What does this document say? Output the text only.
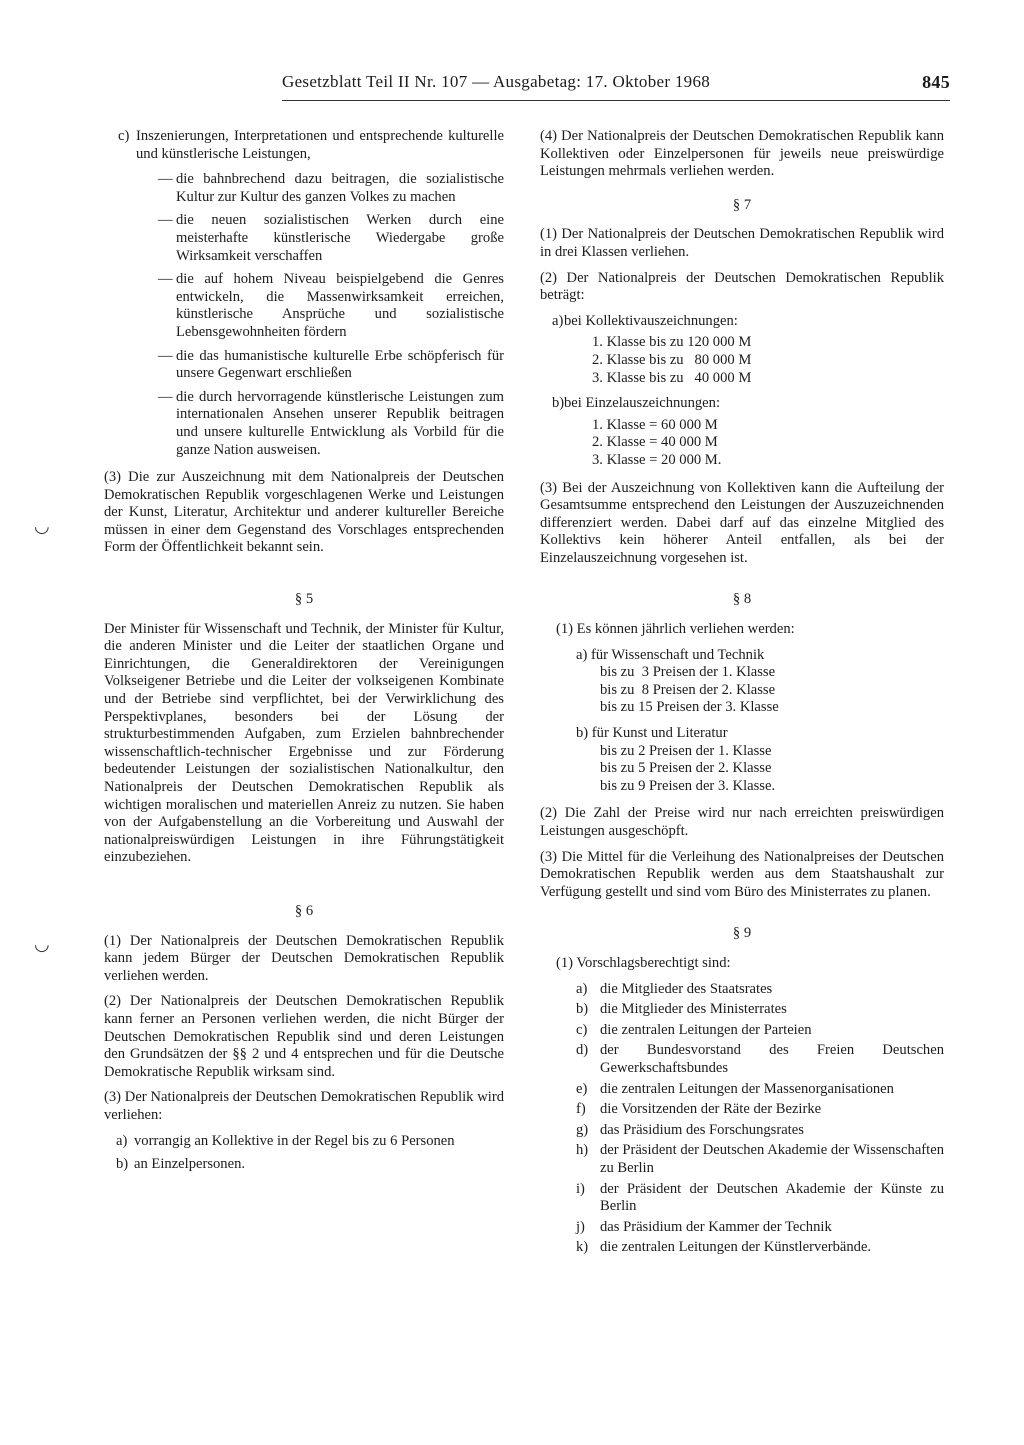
Gesetzblatt Teil II Nr. 107 — Ausgabetag: 17. Oktober 1968	845
◡
◡
c) Inszenierungen, Interpretationen und entsprechende kulturelle und künstlerische Leistungen,
— die bahnbrechend dazu beitragen, die sozialistische Kultur zur Kultur des ganzen Volkes zu machen
— die neuen sozialistischen Werken durch eine meisterhafte künstlerische Wiedergabe große Wirksamkeit verschaffen
— die auf hohem Niveau beispielgebend die Genres entwickeln, die Massenwirksamkeit erreichen, künstlerische Ansprüche und sozialistische Lebensgewohnheiten fördern
— die das humanistische kulturelle Erbe schöpferisch für unsere Gegenwart erschließen
— die durch hervorragende künstlerische Leistungen zum internationalen Ansehen unserer Republik beitragen und unsere kulturelle Entwicklung als Vorbild für die ganze Nation ausweisen.

(3) Die zur Auszeichnung mit dem Nationalpreis der Deutschen Demokratischen Republik vorgeschlagenen Werke und Leistungen der Kunst, Literatur, Architektur und anderer kultureller Bereiche müssen in einer dem Gegenstand des Vorschlages entsprechenden Form der Öffentlichkeit bekannt sein.

§ 5

Der Minister für Wissenschaft und Technik, der Minister für Kultur, die anderen Minister und die Leiter der staatlichen Organe und Einrichtungen, die Generaldirektoren der Vereinigungen Volkseigener Betriebe und die Leiter der volkseigenen Kombinate und der Betriebe sind verpflichtet, bei der Verwirklichung des Perspektivplanes, besonders bei der Lösung der strukturbestimmenden Aufgaben, zum Erzielen bahnbrechender wissenschaftlich-technischer Ergebnisse und zur Förderung bedeutender Leistungen der sozialistischen Nationalkultur, den Nationalpreis der Deutschen Demokratischen Republik als wichtigen moralischen und materiellen Anreiz zu nutzen. Sie haben von der Aufgabenstellung an die Vorbereitung und Auswahl der nationalpreiswürdigen Leistungen in ihre Führungstätigkeit einzubeziehen.

§ 6

(1) Der Nationalpreis der Deutschen Demokratischen Republik kann jedem Bürger der Deutschen Demokratischen Republik verliehen werden.

(2) Der Nationalpreis der Deutschen Demokratischen Republik kann ferner an Personen verliehen werden, die nicht Bürger der Deutschen Demokratischen Republik sind und deren Leistungen den Grundsätzen der §§ 2 und 4 entsprechen und für die Deutsche Demokratische Republik wirksam sind.

(3) Der Nationalpreis der Deutschen Demokratischen Republik wird verliehen:

a) vorrangig an Kollektive in der Regel bis zu 6 Personen
b) an Einzelpersonen.

(4) Der Nationalpreis der Deutschen Demokratischen Republik kann Kollektiven oder Einzelpersonen für jeweils neue preiswürdige Leistungen mehrmals verliehen werden.

§ 7

(1) Der Nationalpreis der Deutschen Demokratischen Republik wird in drei Klassen verliehen.

(2) Der Nationalpreis der Deutschen Demokratischen Republik beträgt:

a) bei Kollektivauszeichnungen:
1. Klasse bis zu 120 000 M
2. Klasse bis zu   80 000 M
3. Klasse bis zu   40 000 M
b) bei Einzelauszeichnungen:
1. Klasse = 60 000 M
2. Klasse = 40 000 M
3. Klasse = 20 000 M.

(3) Bei der Auszeichnung von Kollektiven kann die Aufteilung der Gesamtsumme entsprechend den Leistungen der Auszuzeichnenden differenziert werden. Dabei darf auf das einzelne Mitglied des Kollektivs kein höherer Anteil entfallen, als bei der Einzelauszeichnung vorgesehen ist.

§ 8

(1) Es können jährlich verliehen werden:

a) für Wissenschaft und Technik
bis zu  3 Preisen der 1. Klasse
bis zu  8 Preisen der 2. Klasse
bis zu 15 Preisen der 3. Klasse
b) für Kunst und Literatur
bis zu 2 Preisen der 1. Klasse
bis zu 5 Preisen der 2. Klasse
bis zu 9 Preisen der 3. Klasse.

(2) Die Zahl der Preise wird nur nach erreichten preiswürdigen Leistungen ausgeschöpft.

(3) Die Mittel für die Verleihung des Nationalpreises der Deutschen Demokratischen Republik werden aus dem Staatshaushalt zur Verfügung gestellt und sind vom Büro des Ministerrates zu planen.

§ 9

(1) Vorschlagsberechtigt sind:

a) die Mitglieder des Staatsrates
b) die Mitglieder des Ministerrates
c) die zentralen Leitungen der Parteien
d) der Bundesvorstand des Freien Deutschen Gewerkschaftsbundes
e) die zentralen Leitungen der Massenorganisationen
f) die Vorsitzenden der Räte der Bezirke
g) das Präsidium des Forschungsrates
h) der Präsident der Deutschen Akademie der Wissenschaften zu Berlin
i) der Präsident der Deutschen Akademie der Künste zu Berlin
j) das Präsidium der Kammer der Technik
k) die zentralen Leitungen der Künstlerverbände.
